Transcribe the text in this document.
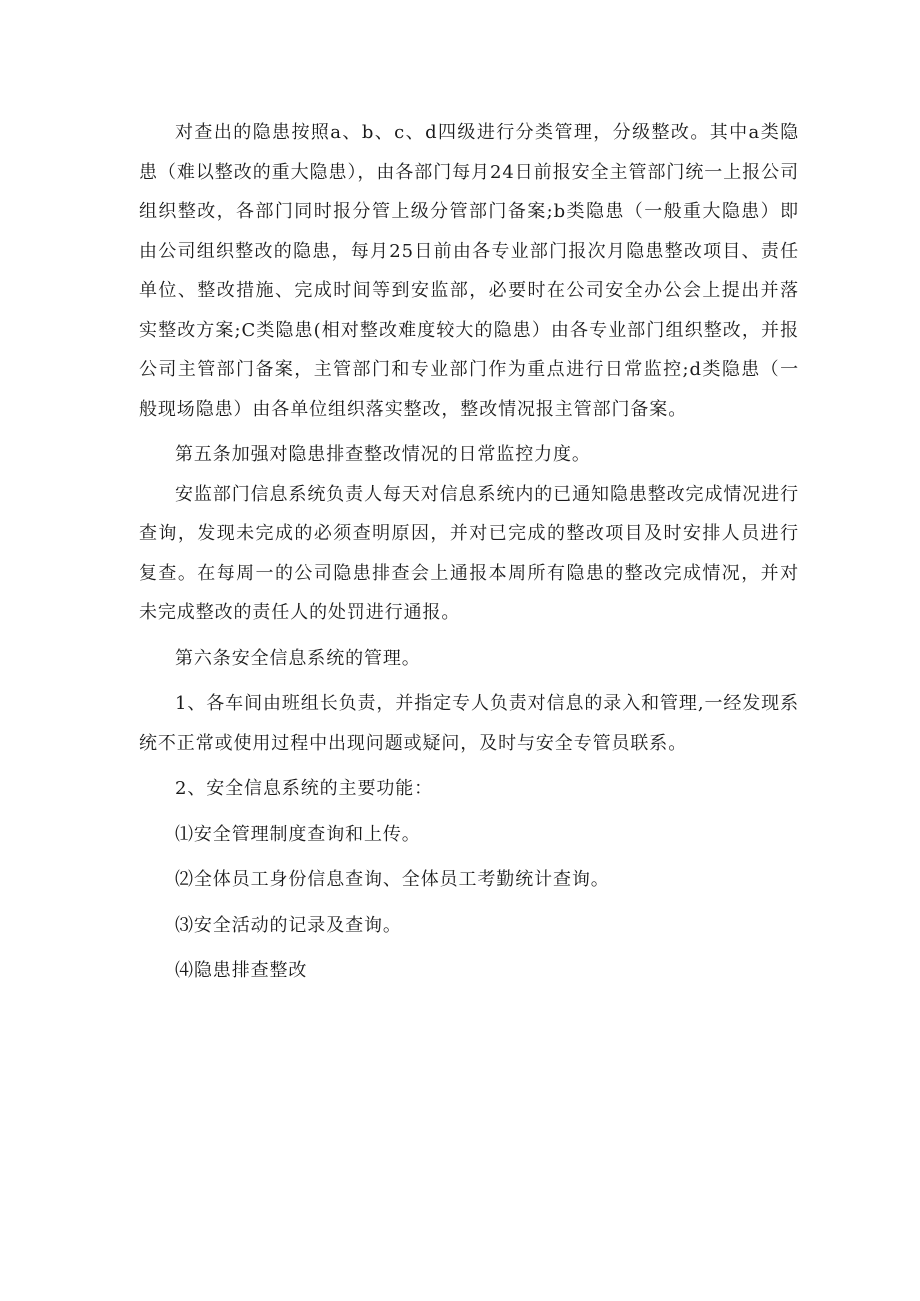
对查出的隐患按照a、b、c、d四级进行分类管理，分级整改。其中a类隐患（难以整改的重大隐患），由各部门每月24日前报安全主管部门统一上报公司组织整改，各部门同时报分管上级分管部门备案;b类隐患（一般重大隐患）即由公司组织整改的隐患，每月25日前由各专业部门报次月隐患整改项目、责任单位、整改措施、完成时间等到安监部，必要时在公司安全办公会上提出并落实整改方案;C类隐患(相对整改难度较大的隐患）由各专业部门组织整改，并报公司主管部门备案，主管部门和专业部门作为重点进行日常监控;d类隐患（一般现场隐患）由各单位组织落实整改，整改情况报主管部门备案。

第五条加强对隐患排查整改情况的日常监控力度。

安监部门信息系统负责人每天对信息系统内的已通知隐患整改完成情况进行查询，发现未完成的必须查明原因，并对已完成的整改项目及时安排人员进行复查。在每周一的公司隐患排查会上通报本周所有隐患的整改完成情况，并对未完成整改的责任人的处罚进行通报。

第六条安全信息系统的管理。

1、各车间由班组长负责，并指定专人负责对信息的录入和管理,一经发现系统不正常或使用过程中出现问题或疑问，及时与安全专管员联系。

2、安全信息系统的主要功能：

⑴安全管理制度查询和上传。

⑵全体员工身份信息查询、全体员工考勤统计查询。

⑶安全活动的记录及查询。

⑷隐患排查整改
